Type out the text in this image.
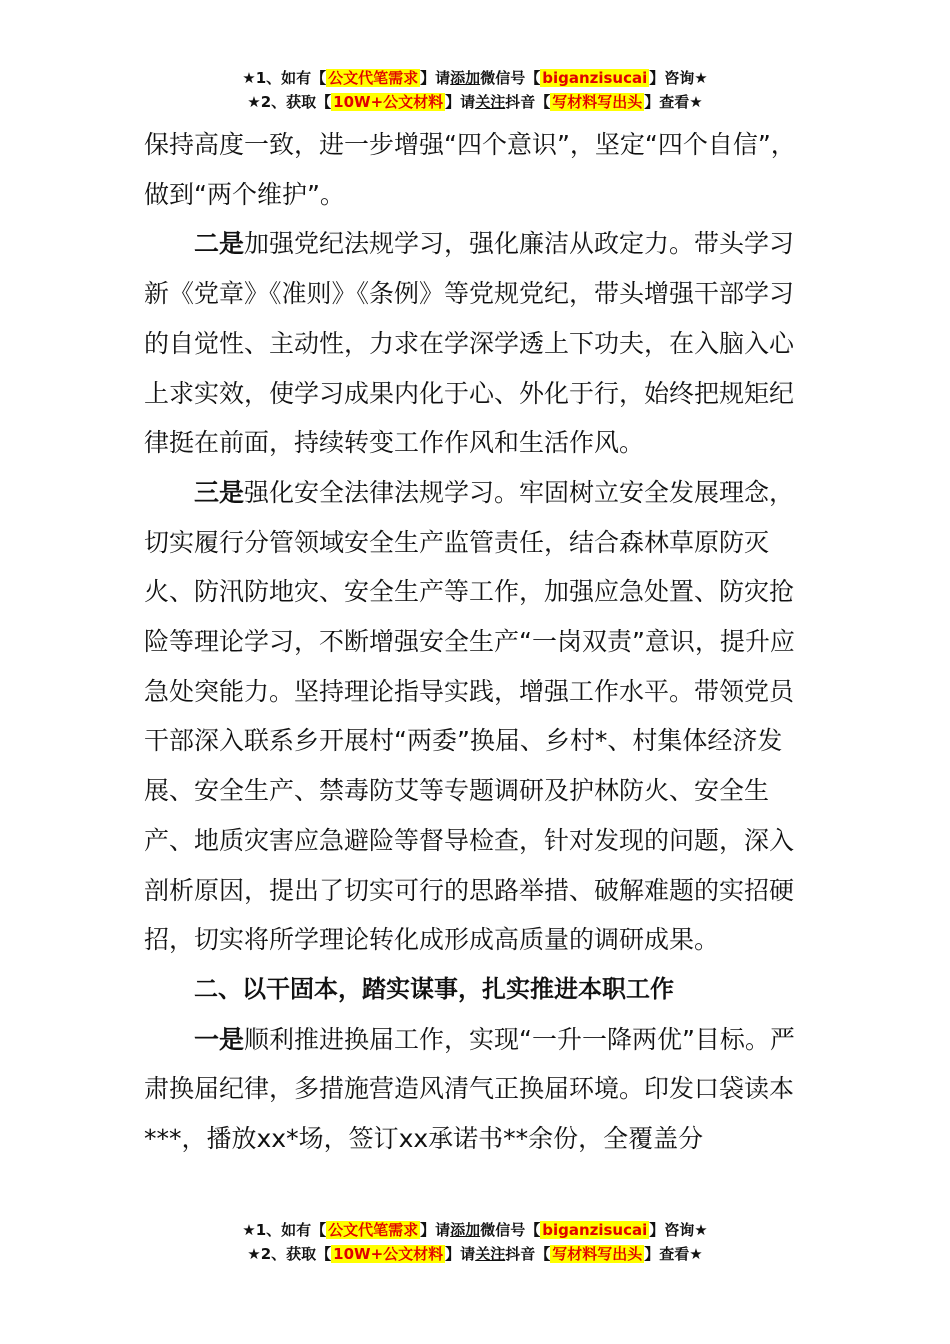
★1、如有【 公文代笔需求 】请添加微信号【 biganzisucai 】咨询★
★2、获取【 10W+公文材料 】请关注抖音【 写材料写出头 】查看★

保持高度一致，进一步增强“四个意识”，坚定“四个自信”，做到“两个维护”。

二是加强党纪法规学习，强化廉洁从政定力。带头学习新《党章》《准则》《条例》等党规党纪，带头增强干部学习的自觉性、主动性，力求在学深学透上下功夫，在入脑入心上求实效，使学习成果内化于心、外化于行，始终把规矩纪律挺在前面，持续转变工作作风和生活作风。

三是强化安全法律法规学习。牢固树立安全发展理念，切实履行分管领域安全生产监管责任，结合森林草原防灭火、防汛防地灾、安全生产等工作，加强应急处置、防灾抢险等理论学习，不断增强安全生产“一岗双责”意识，提升应急处突能力。坚持理论指导实践，增强工作水平。带领党员干部深入联系乡开展村“两委”换届、乡村*、村集体经济发展、安全生产、禁毒防艾等专题调研及护林防火、安全生产、地质灾害应急避险等督导检查，针对发现的问题，深入剖析原因，提出了切实可行的思路举措、破解难题的实招硬招，切实将所学理论转化成形成高质量的调研成果。

二、以干固本，踏实谋事，扎实推进本职工作

一是顺利推进换届工作，实现“一升一降两优”目标。严肃换届纪律，多措施营造风清气正换届环境。印发口袋读本***，播放xx*场，签订xx承诺书**余份，全覆盖分

★1、如有【 公文代笔需求 】请添加微信号【 biganzisucai 】咨询★
★2、获取【 10W+公文材料 】请关注抖音【 写材料写出头 】查看★
